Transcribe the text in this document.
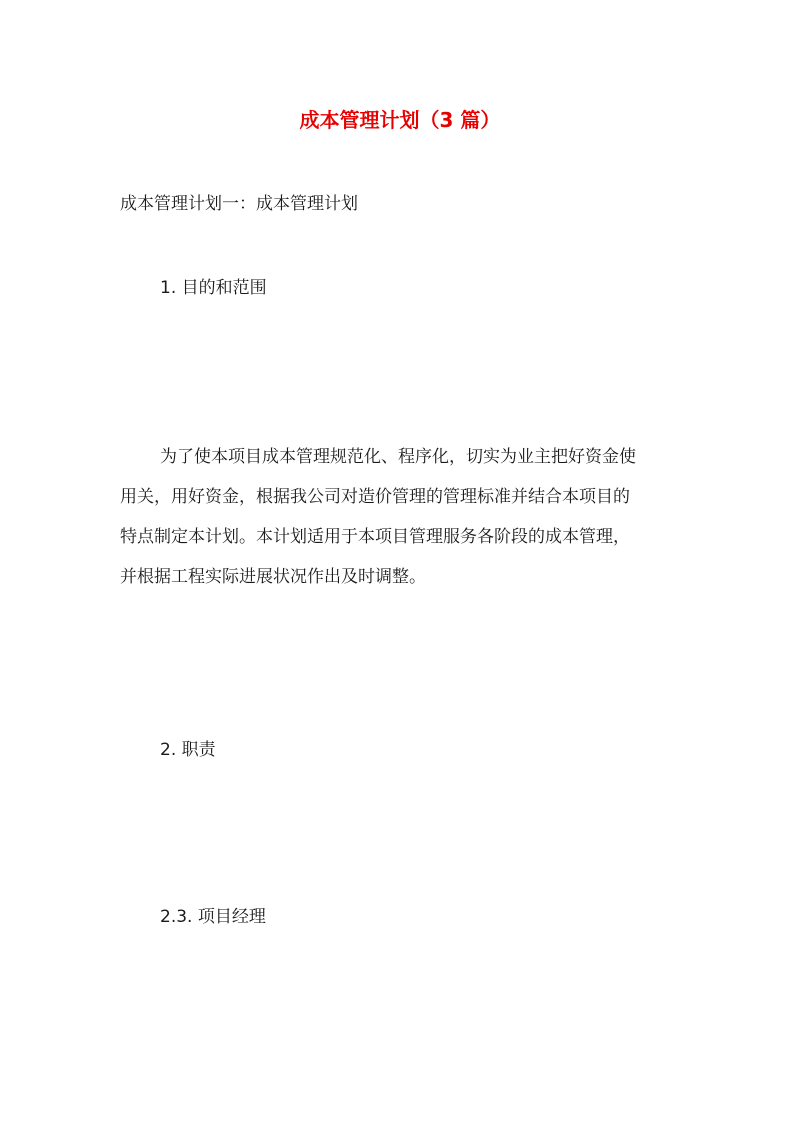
成本管理计划（3 篇）

成本管理计划一：成本管理计划

1. 目的和范围

为了使本项目成本管理规范化、程序化，切实为业主把好资金使
用关，用好资金，根据我公司对造价管理的管理标准并结合本项目的
特点制定本计划。本计划适用于本项目管理服务各阶段的成本管理，
并根据工程实际进展状况作出及时调整。

2. 职责

2.3. 项目经理
